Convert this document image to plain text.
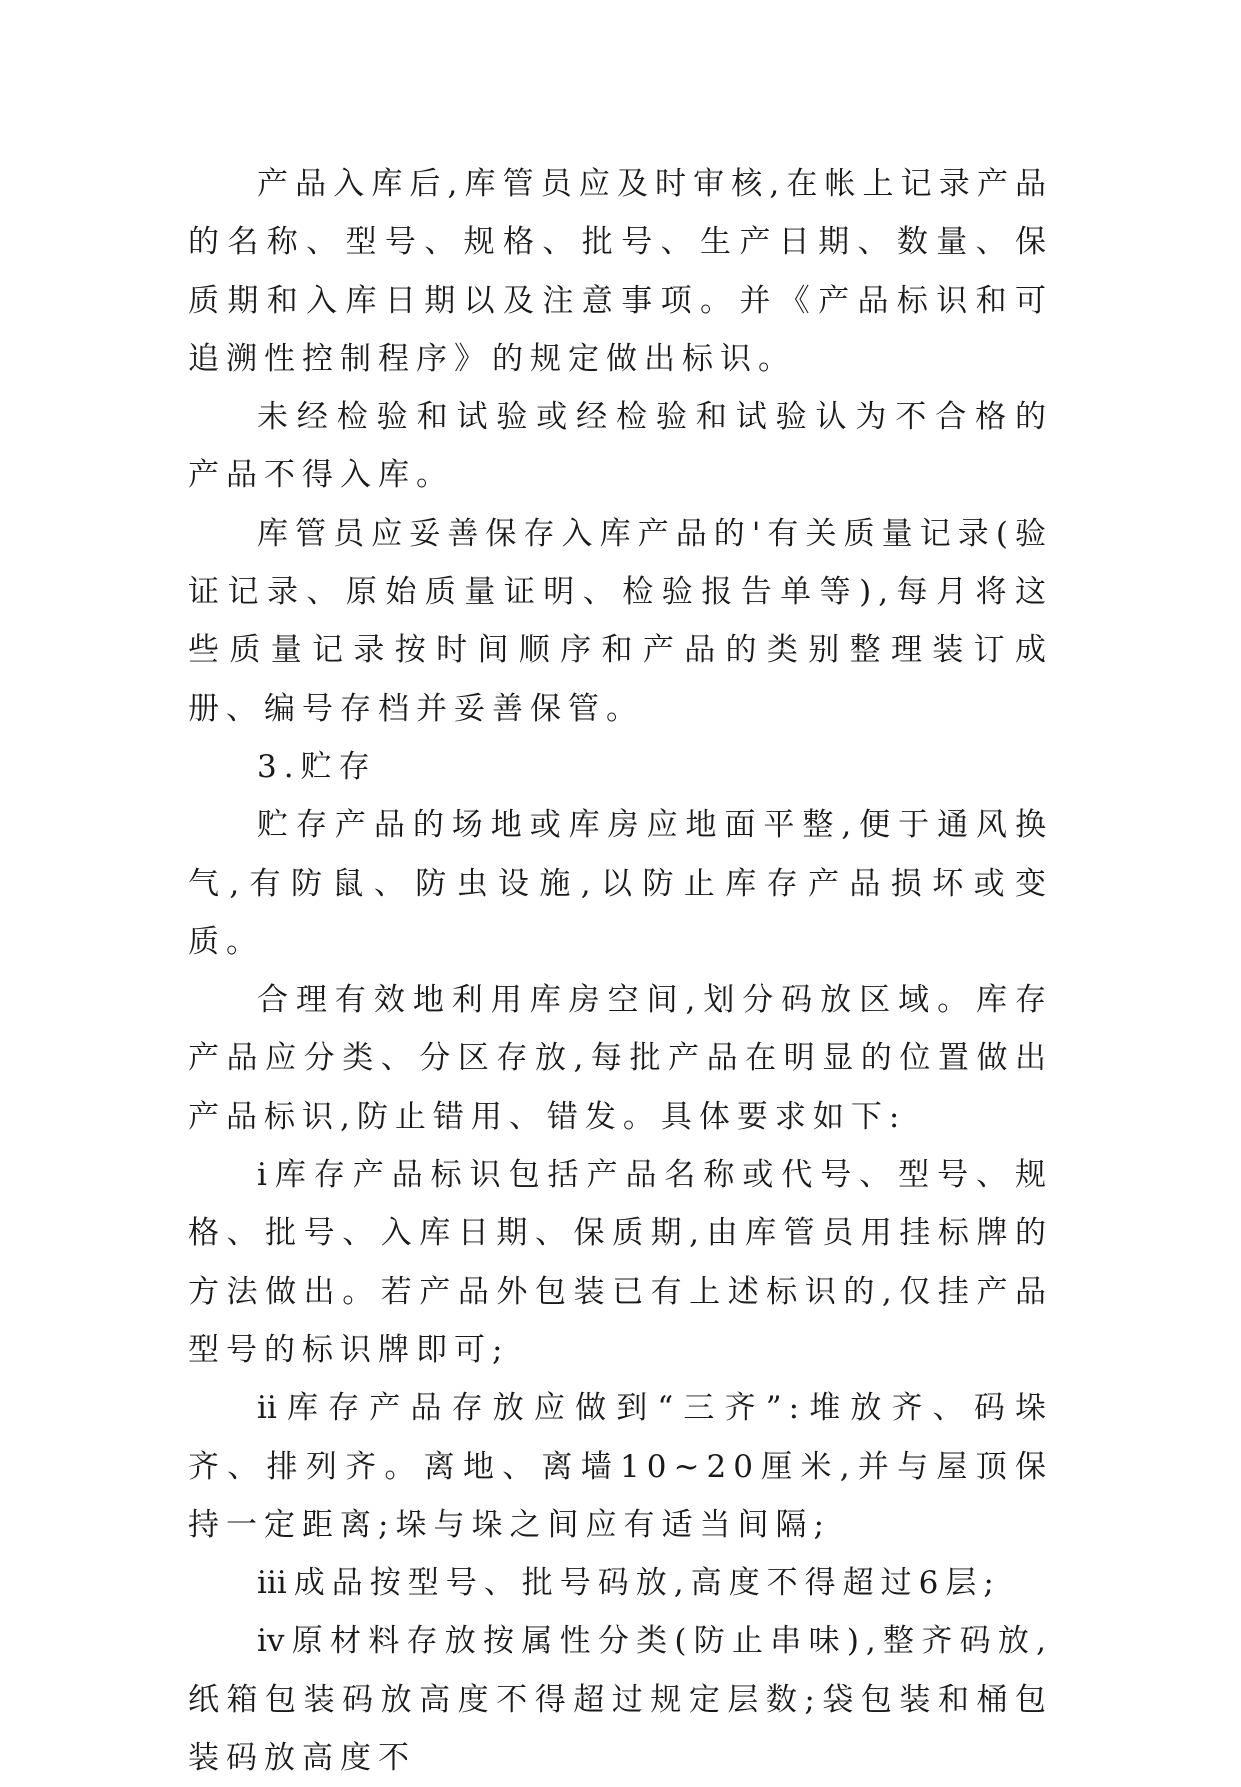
产品入库后,库管员应及时审核,在帐上记录产品的名称、型号、规格、批号、生产日期、数量、保质期和入库日期以及注意事项。并《产品标识和可追溯性控制程序》的规定做出标识。

未经检验和试验或经检验和试验认为不合格的产品不得入库。

库管员应妥善保存入库产品的'有关质量记录(验证记录、原始质量证明、检验报告单等),每月将这些质量记录按时间顺序和产品的类别整理装订成册、编号存档并妥善保管。

3.贮存

贮存产品的场地或库房应地面平整,便于通风换气,有防鼠、防虫设施,以防止库存产品损坏或变质。

合理有效地利用库房空间,划分码放区域。库存产品应分类、分区存放,每批产品在明显的位置做出产品标识,防止错用、错发。具体要求如下:

ⅰ库存产品标识包括产品名称或代号、型号、规格、批号、入库日期、保质期,由库管员用挂标牌的方法做出。若产品外包装已有上述标识的,仅挂产品型号的标识牌即可;

ⅱ库存产品存放应做到“三齐”:堆放齐、码垛齐、排列齐。离地、离墙10~20厘米,并与屋顶保持一定距离;垛与垛之间应有适当间隔;

ⅲ成品按型号、批号码放,高度不得超过6层;

ⅳ原材料存放按属性分类(防止串味),整齐码放,纸箱包装码放高度不得超过规定层数;袋包装和桶包装码放高度不
